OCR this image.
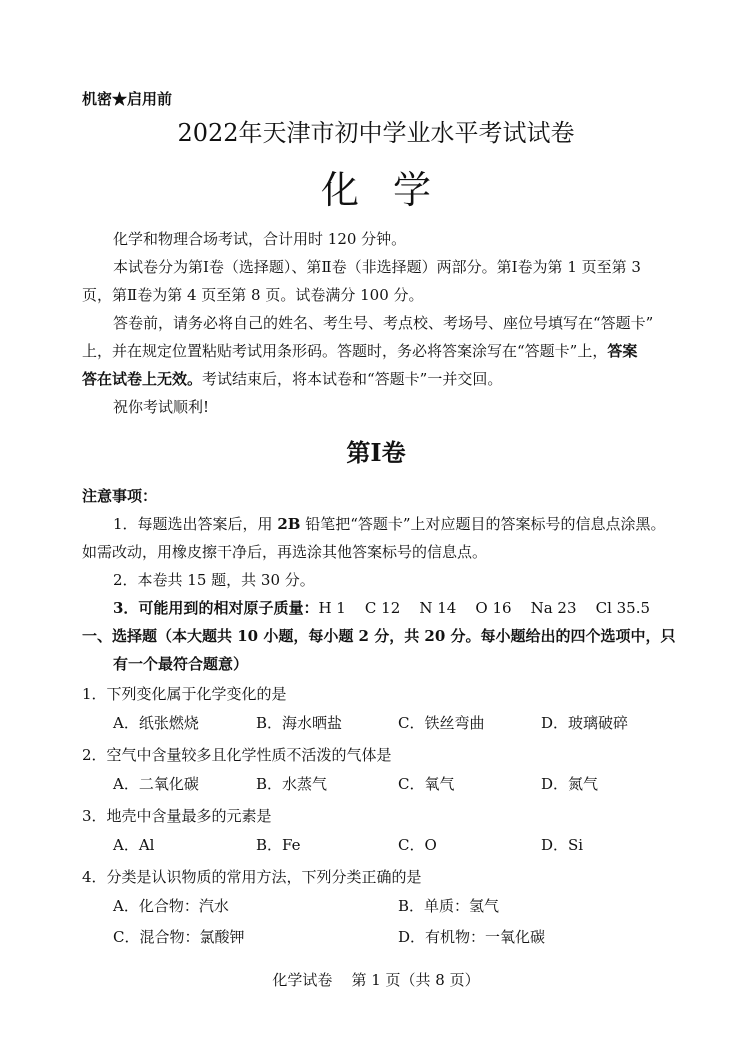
机密★启用前
2022年天津市初中学业水平考试试卷
化学
化学和物理合场考试，合计用时 120 分钟。
本试卷分为第Ⅰ卷（选择题）、第Ⅱ卷（非选择题）两部分。第Ⅰ卷为第 1 页至第 3
页，第Ⅱ卷为第 4 页至第 8 页。试卷满分 100 分。
答卷前，请务必将自己的姓名、考生号、考点校、考场号、座位号填写在“答题卡”
上，并在规定位置粘贴考试用条形码。答题时，务必将答案涂写在“答题卡”上，答案
答在试卷上无效。考试结束后，将本试卷和“答题卡”一并交回。
祝你考试顺利!
第Ⅰ卷
注意事项：
1．每题选出答案后，用 2B 铅笔把“答题卡”上对应题目的答案标号的信息点涂黑。
如需改动，用橡皮擦干净后，再选涂其他答案标号的信息点。
2．本卷共 15 题，共 30 分。
3．可能用到的相对原子质量：H 1    C 12    N 14    O 16    Na 23    Cl 35.5
一、选择题（本大题共 10 小题，每小题 2 分，共 20 分。每小题给出的四个选项中，只
有一个最符合题意）
1．下列变化属于化学变化的是
A．纸张燃烧	B．海水晒盐	C．铁丝弯曲	D．玻璃破碎
2．空气中含量较多且化学性质不活泼的气体是
A．二氧化碳	B．水蒸气	C．氧气	D．氮气
3．地壳中含量最多的元素是
A．Al	B．Fe	C．O	D．Si
4．分类是认识物质的常用方法，下列分类正确的是
A．化合物：汽水	B．单质：氢气
C．混合物：氯酸钾	D．有机物：一氧化碳
化学试卷    第 1 页（共 8 页）
